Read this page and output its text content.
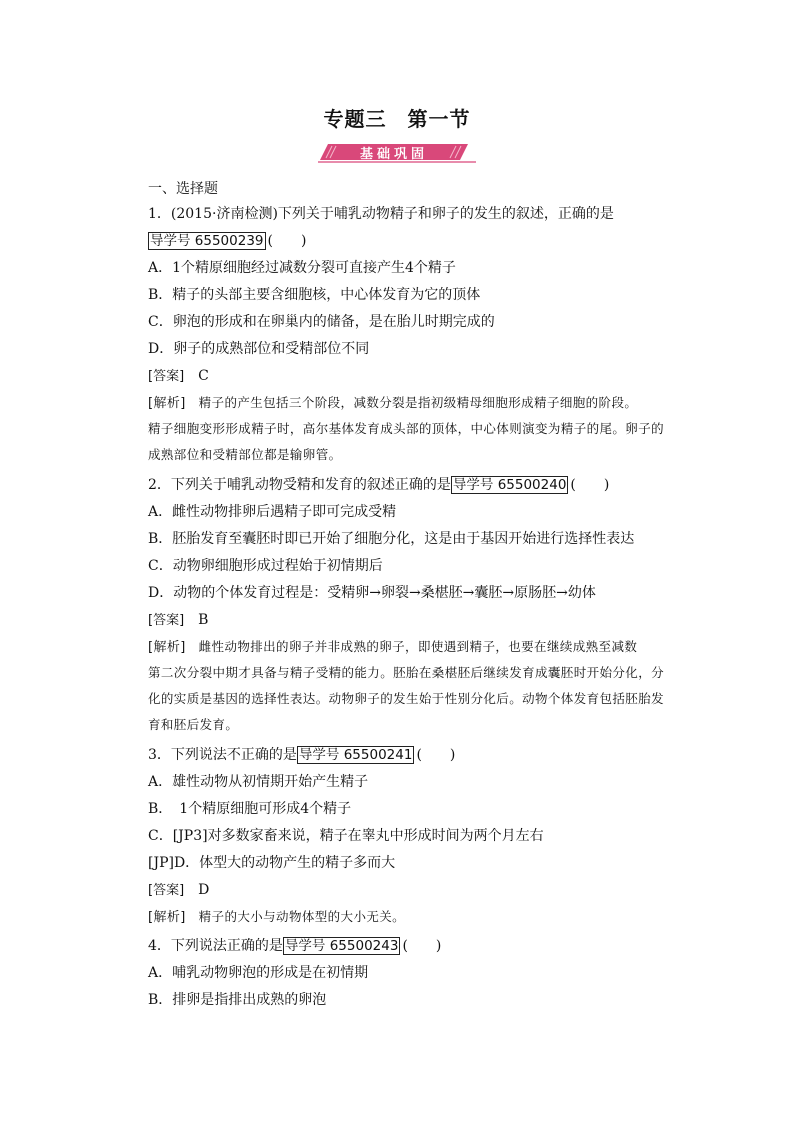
专题三　第一节
基础巩固
一、选择题
1．(2015·济南检测)下列关于哺乳动物精子和卵子的发生的叙述，正确的是
导学号 65500239 (　　)
A．1个精原细胞经过减数分裂可直接产生4个精子
B．精子的头部主要含细胞核，中心体发育为它的顶体
C．卵泡的形成和在卵巢内的储备，是在胎儿时期完成的
D．卵子的成熟部位和受精部位不同
[答案]　 C
[解析]　 精子的产生包括三个阶段，减数分裂是指初级精母细胞形成精子细胞的阶段。
精子细胞变形形成精子时，高尔基体发育成头部的顶体，中心体则演变为精子的尾。卵子的
成熟部位和受精部位都是输卵管。
2．下列关于哺乳动物受精和发育的叙述正确的是 导学号 65500240 (　　)
A．雌性动物排卵后遇精子即可完成受精
B．胚胎发育至囊胚时即已开始了细胞分化，这是由于基因开始进行选择性表达
C．动物卵细胞形成过程始于初情期后
D．动物的个体发育过程是：受精卵→卵裂→桑椹胚→囊胚→原肠胚→幼体
[答案]　 B
[解析]　 雌性动物排出的卵子并非成熟的卵子，即使遇到精子，也要在继续成熟至减数
第二次分裂中期才具备与精子受精的能力。胚胎在桑椹胚后继续发育成囊胚时开始分化，分
化的实质是基因的选择性表达。动物卵子的发生始于性别分化后。动物个体发育包括胚胎发
育和胚后发育。
3．下列说法不正确的是 导学号 65500241 (　　)
A．雄性动物从初情期开始产生精子
B．　1个精原细胞可形成4个精子
C．[JP3]对多数家畜来说，精子在睾丸中形成时间为两个月左右
[JP]D．体型大的动物产生的精子多而大
[答案]　 D
[解析]　 精子的大小与动物体型的大小无关。
4．下列说法正确的是 导学号 65500243 (　　)
A．哺乳动物卵泡的形成是在初情期
B．排卵是指排出成熟的卵泡
